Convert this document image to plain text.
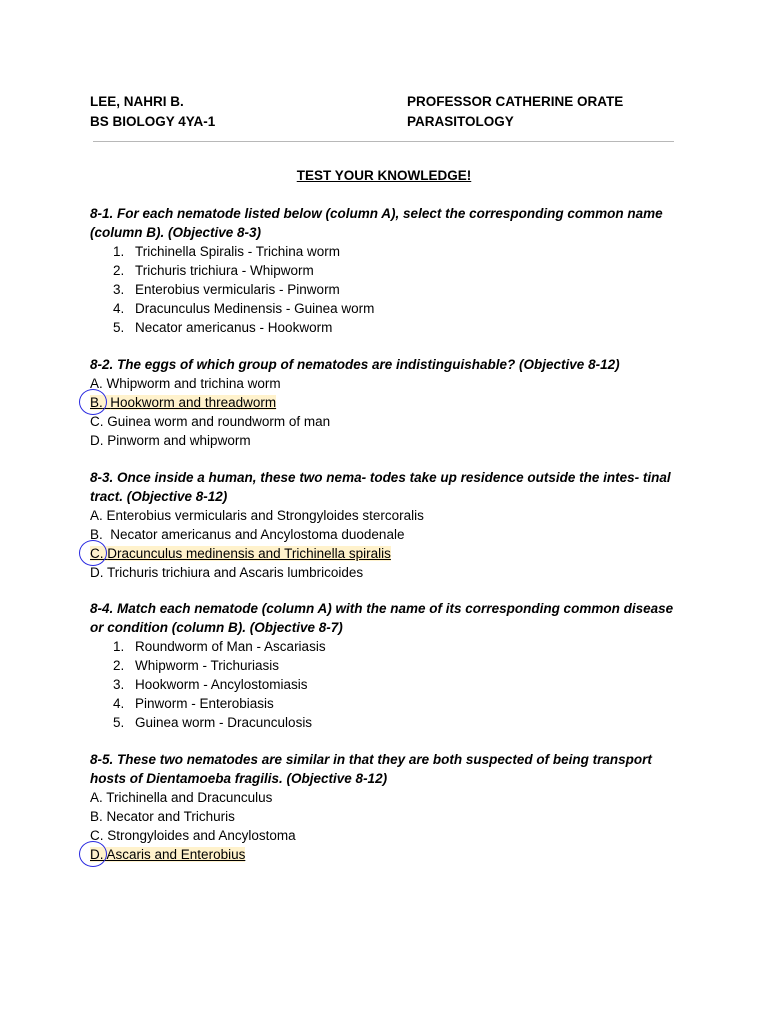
LEE, NAHRI B.
BS BIOLOGY 4YA-1
PROFESSOR CATHERINE ORATE
PARASITOLOGY
TEST YOUR KNOWLEDGE!
8-1. For each nematode listed below (column A), select the corresponding common name (column B). (Objective 8-3)
1. Trichinella Spiralis - Trichina worm
2. Trichuris trichiura - Whipworm
3. Enterobius vermicularis - Pinworm
4. Dracunculus Medinensis - Guinea worm
5. Necator americanus - Hookworm
8-2. The eggs of which group of nematodes are indistinguishable? (Objective 8-12)
A. Whipworm and trichina worm
B. Hookworm and threadworm
C. Guinea worm and roundworm of man
D. Pinworm and whipworm
8-3. Once inside a human, these two nema- todes take up residence outside the intes- tinal tract. (Objective 8-12)
A. Enterobius vermicularis and Strongyloides stercoralis
B. Necator americanus and Ancylostoma duodenale
C. Dracunculus medinensis and Trichinella spiralis
D. Trichuris trichiura and Ascaris lumbricoides
8-4. Match each nematode (column A) with the name of its corresponding common disease or condition (column B). (Objective 8-7)
1. Roundworm of Man - Ascariasis
2. Whipworm - Trichuriasis
3. Hookworm - Ancylostomiasis
4. Pinworm - Enterobiasis
5. Guinea worm - Dracunculosis
8-5. These two nematodes are similar in that they are both suspected of being transport hosts of Dientamoeba fragilis. (Objective 8-12)
A. Trichinella and Dracunculus
B. Necator and Trichuris
C. Strongyloides and Ancylostoma
D. Ascaris and Enterobius
